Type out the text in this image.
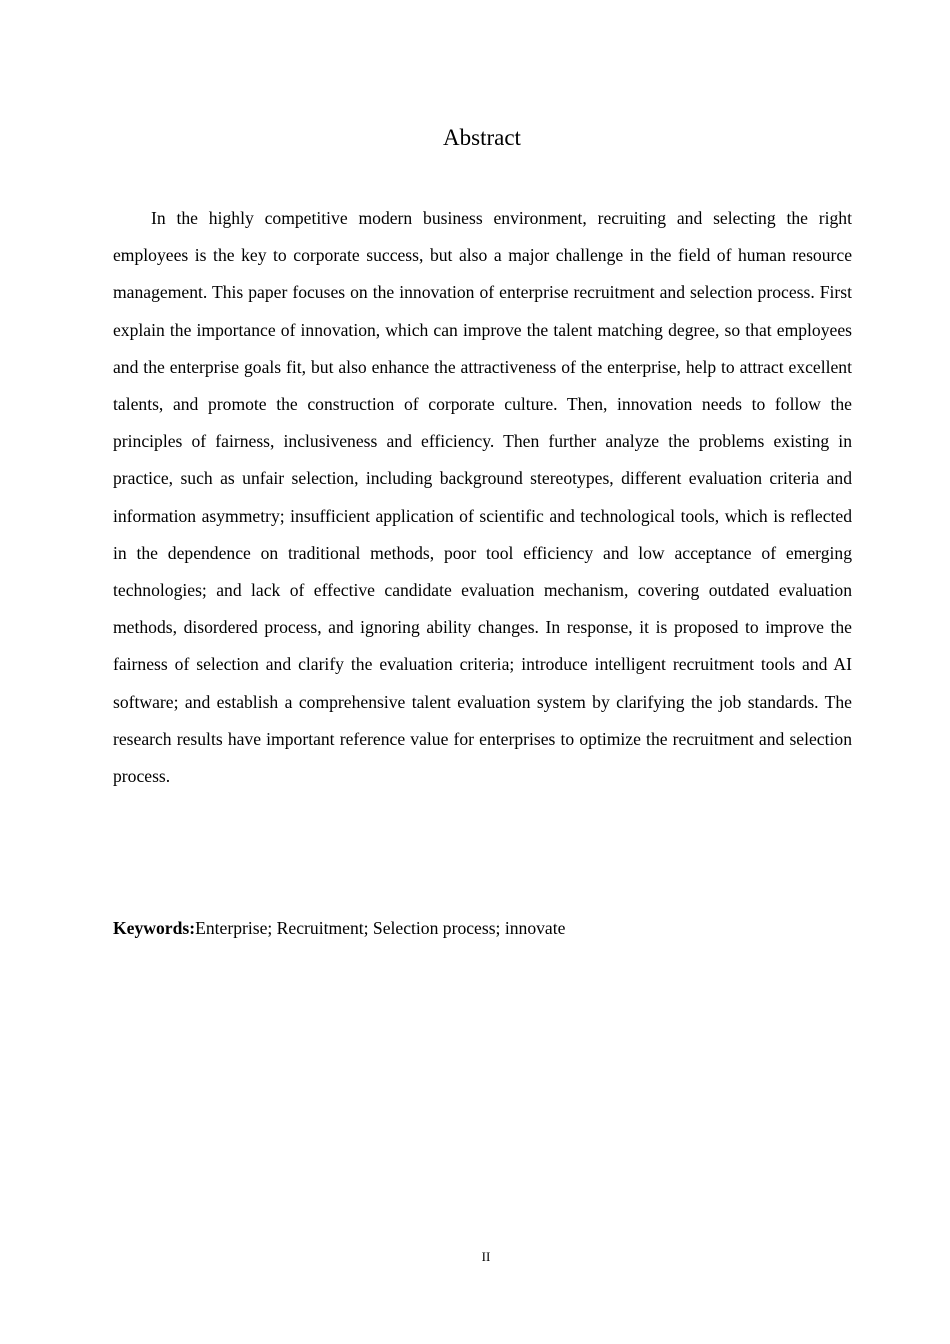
Abstract

In the highly competitive modern business environment, recruiting and selecting the right employees is the key to corporate success, but also a major challenge in the field of human resource management. This paper focuses on the innovation of enterprise recruitment and selection process. First explain the importance of innovation, which can improve the talent matching degree, so that employees and the enterprise goals fit, but also enhance the attractiveness of the enterprise, help to attract excellent talents, and promote the construction of corporate culture. Then, innovation needs to follow the principles of fairness, inclusiveness and efficiency. Then further analyze the problems existing in practice, such as unfair selection, including background stereotypes, different evaluation criteria and information asymmetry; insufficient application of scientific and technological tools, which is reflected in the dependence on traditional methods, poor tool efficiency and low acceptance of emerging technologies; and lack of effective candidate evaluation mechanism, covering outdated evaluation methods, disordered process, and ignoring ability changes. In response, it is proposed to improve the fairness of selection and clarify the evaluation criteria; introduce intelligent recruitment tools and AI software; and establish a comprehensive talent evaluation system by clarifying the job standards. The research results have important reference value for enterprises to optimize the recruitment and selection process.

Keywords:Enterprise; Recruitment; Selection process; innovate

II
